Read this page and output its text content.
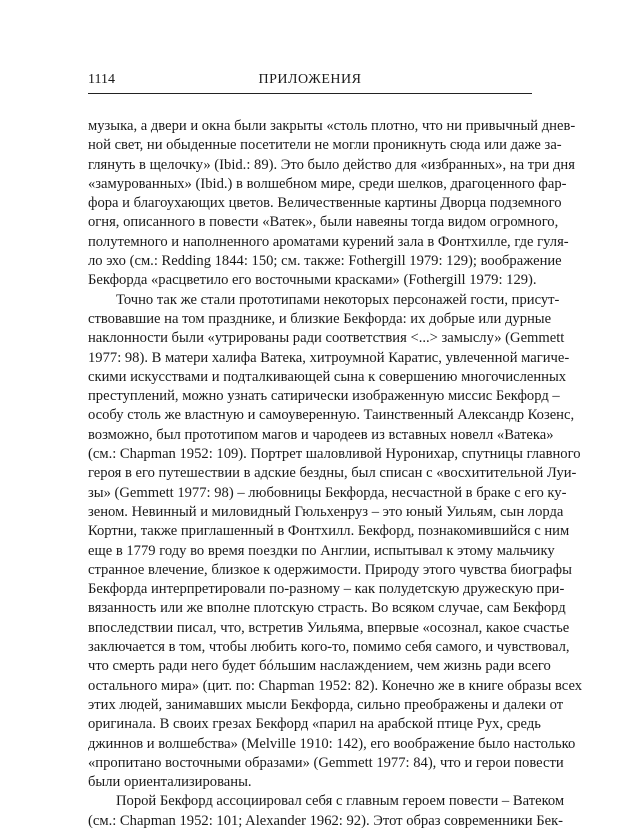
1114	ПРИЛОЖЕНИЯ
музыка, а двери и окна были закрыты «столь плотно, что ни привычный днев-
ной свет, ни обыденные посетители не могли проникнуть сюда или даже за-
глянуть в щелочку» (Ibid.: 89). Это было действо для «избранных», на три дня
«замурованных» (Ibid.) в волшебном мире, среди шелков, драгоценного фар-
фора и благоухающих цветов. Величественные картины Дворца подземного
огня, описанного в повести «Ватек», были навеяны тогда видом огромного,
полутемного и наполненного ароматами курений зала в Фонтхилле, где гуля-
ло эхо (см.: Redding 1844: 150; см. также: Fothergill 1979: 129); воображение
Бекфорда «расцветило его восточными красками» (Fothergill 1979: 129).
Точно так же стали прототипами некоторых персонажей гости, присут-
ствовавшие на том празднике, и близкие Бекфорда: их добрые или дурные
наклонности были «утрированы ради соответствия <...> замыслу» (Gemmett
1977: 98). В матери халифа Ватека, хитроумной Каратис, увлеченной магиче-
скими искусствами и подталкивающей сына к совершению многочисленных
преступлений, можно узнать сатирически изображенную миссис Бекфорд –
особу столь же властную и самоуверенную. Таинственный Александр Козенс,
возможно, был прототипом магов и чародеев из вставных новелл «Ватека»
(см.: Chapman 1952: 109). Портрет шаловливой Нуронихар, спутницы главного
героя в его путешествии в адские бездны, был списан с «восхитительной Луи-
зы» (Gemmett 1977: 98) – любовницы Бекфорда, несчастной в браке с его ку-
зеном. Невинный и миловидный Гюльхенруз – это юный Уильям, сын лорда
Кортни, также приглашенный в Фонтхилл. Бекфорд, познакомившийся с ним
еще в 1779 году во время поездки по Англии, испытывал к этому мальчику
странное влечение, близкое к одержимости. Природу этого чувства биографы
Бекфорда интерпретировали по-разному – как полудетскую дружескую при-
вязанность или же вполне плотскую страсть. Во всяком случае, сам Бекфорд
впоследствии писал, что, встретив Уильяма, впервые «осознал, какое счастье
заключается в том, чтобы любить кого-то, помимо себя самого, и чувствовал,
что смерть ради него будет бóльшим наслаждением, чем жизнь ради всего
остального мира» (цит. по: Chapman 1952: 82). Конечно же в книге образы всех
этих людей, занимавших мысли Бекфорда, сильно преображены и далеки от
оригинала. В своих грезах Бекфорд «парил на арабской птице Рух, средь
джиннов и волшебства» (Melville 1910: 142), его воображение было настолько
«пропитано восточными образами» (Gemmett 1977: 84), что и герои повести
были ориентализированы.
Порой Бекфорд ассоциировал себя с главным героем повести – Ватеком
(см.: Chapman 1952: 101; Alexander 1962: 92). Этот образ современники Бек-
